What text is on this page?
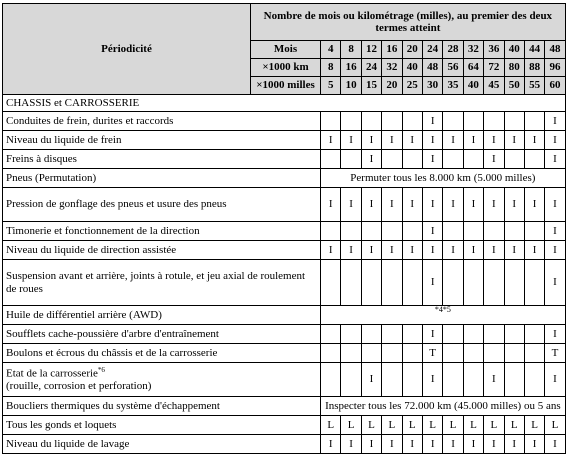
Périodicité	Nombre de mois ou kilométrage (milles), au premier des deux termes atteint												
	Mois	4	8	12	16	20	24	28	32	36	40	44	48
	×1000 km	8	16	24	32	40	48	56	64	72	80	88	96
	×1000 milles	5	10	15	20	25	30	35	40	45	50	55	60
CHASSIS et CARROSSERIE													
Conduites de frein, durites et raccords							I						I
Niveau du liquide de frein		I	I	I	I	I	I	I	I	I	I	I	I
Freins à disques				I			I			I			I
Pneus (Permutation)		Permuter tous les 8.000 km (5.000 milles)											
Pression de gonflage des pneus et usure des pneus		I	I	I	I	I	I	I	I	I	I	I	I
Timonerie et fonctionnement de la direction							I						I
Niveau du liquide de direction assistée		I	I	I	I	I	I	I	I	I	I	I	I
Suspension avant et arrière, joints à rotule, et jeu axial de roulement de roues							I						I
Huile de différentiel arrière (AWD)		*4*5											
Soufflets cache-poussière d'arbre d'entraînement							I						I
Boulons et écrous du châssis et de la carrosserie							T						T
Etat de la carrosserie$^{*6}$
(rouille, corrosion et perforation)				I			I			I			I
Boucliers thermiques du système d'échappement		Inspecter tous les 72.000 km (45.000 milles) ou 5 ans											
Tous les gonds et loquets		L	L	L	L	L	L	L	L	L	L	L	L
Niveau du liquide de lavage		I	I	I	I	I	I	I	I	I	I	I	I
